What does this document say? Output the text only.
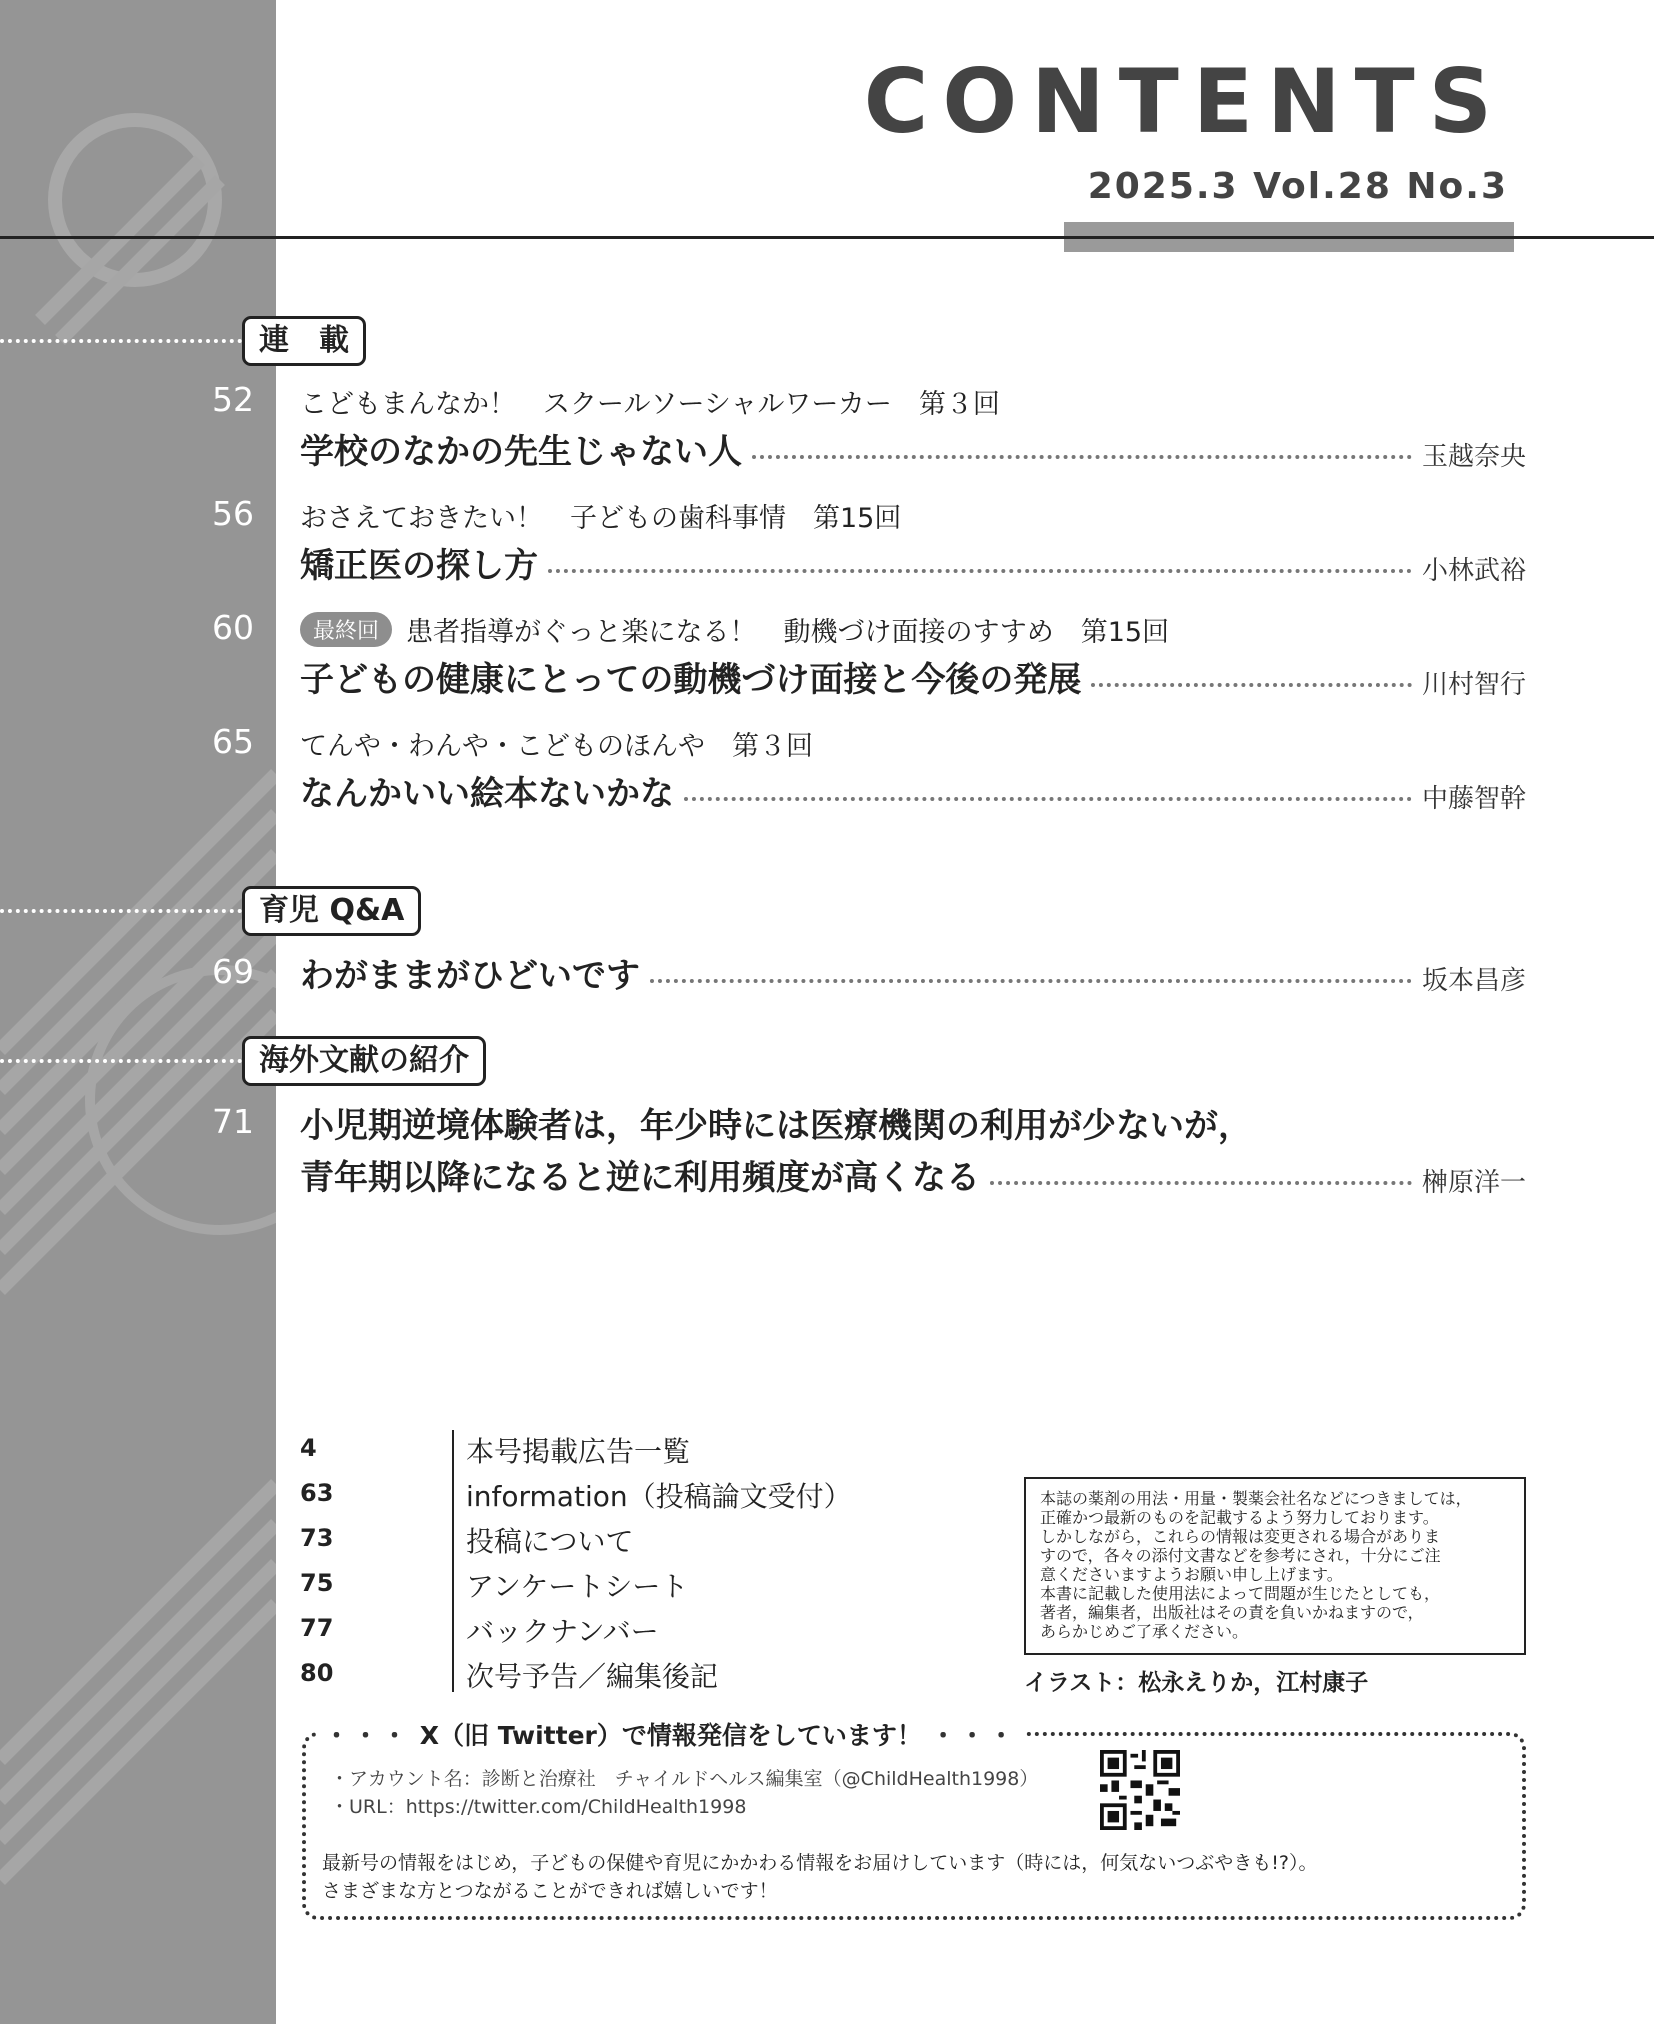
CONTENTS
2025.3 Vol.28 No.3
連　載
52 こどもまんなか！　スクールソーシャルワーカー　第３回
学校のなかの先生じゃない人	玉越奈央
56 おさえておきたい！　子どもの歯科事情　第15回
矯正医の探し方	小林武裕
60	最終回	患者指導がぐっと楽になる！　動機づけ面接のすすめ　第15回
子どもの健康にとっての動機づけ面接と今後の発展	川村智行
65 てんや・わんや・こどものほんや　第３回
なんかいい絵本ないかな	中藤智幹
育児 Q&A
69 わがままがひどいです	坂本昌彦
海外文献の紹介
71 小児期逆境体験者は，年少時には医療機関の利用が少ないが，
青年期以降になると逆に利用頻度が高くなる	榊原洋一
4	本号掲載広告一覧
63	information（投稿論文受付）
73	投稿について
75	アンケートシート
77	バックナンバー
80	次号予告／編集後記
本誌の薬剤の用法・用量・製薬会社名などにつきましては，
正確かつ最新のものを記載するよう努力しております。
しかしながら，これらの情報は変更される場合がありま
すので，各々の添付文書などを参考にされ，十分にご注
意くださいますようお願い申し上げます。
本書に記載した使用法によって問題が生じたとしても，
著者，編集者，出版社はその責を負いかねますので，
あらかじめご了承ください。
イラスト：松永えりか，江村康子
・・・ X（旧 Twitter）で情報発信をしています！ ・・・
・アカウント名：診断と治療社　チャイルドヘルス編集室（@ChildHealth1998）
・URL：https://twitter.com/ChildHealth1998
最新号の情報をはじめ，子どもの保健や育児にかかわる情報をお届けしています（時には，何気ないつぶやきも!?）。
さまざまな方とつながることができれば嬉しいです！
